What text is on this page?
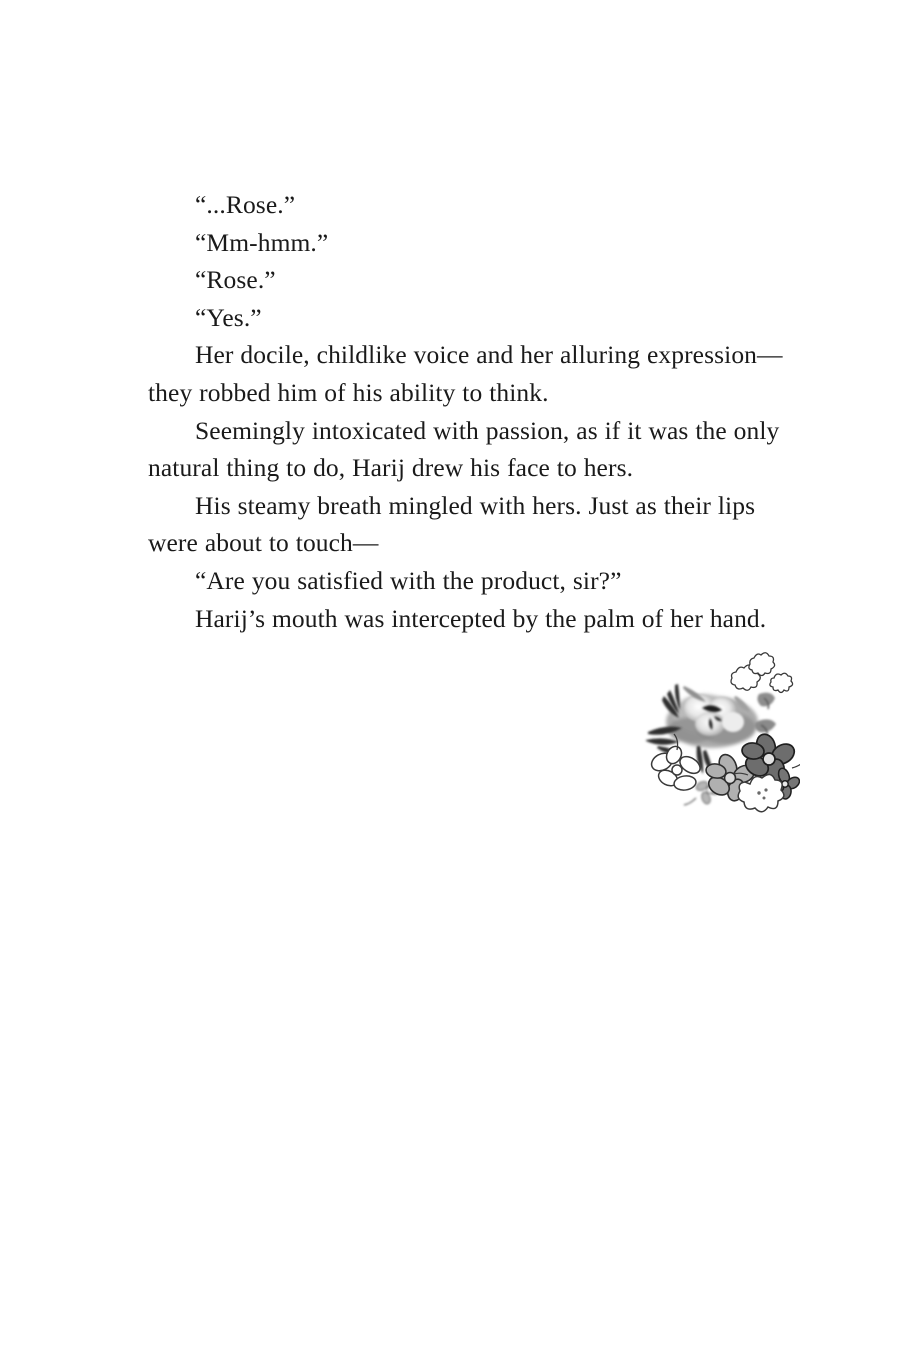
“...Rose.”

“Mm-hmm.”

“Rose.”

“Yes.”

Her docile, childlike voice and her alluring expression—they robbed him of his ability to think.

Seemingly intoxicated with passion, as if it was the only natural thing to do, Harij drew his face to hers.

His steamy breath mingled with hers. Just as their lips were about to touch—

“Are you satisfied with the product, sir?”

Harij’s mouth was intercepted by the palm of her hand.
